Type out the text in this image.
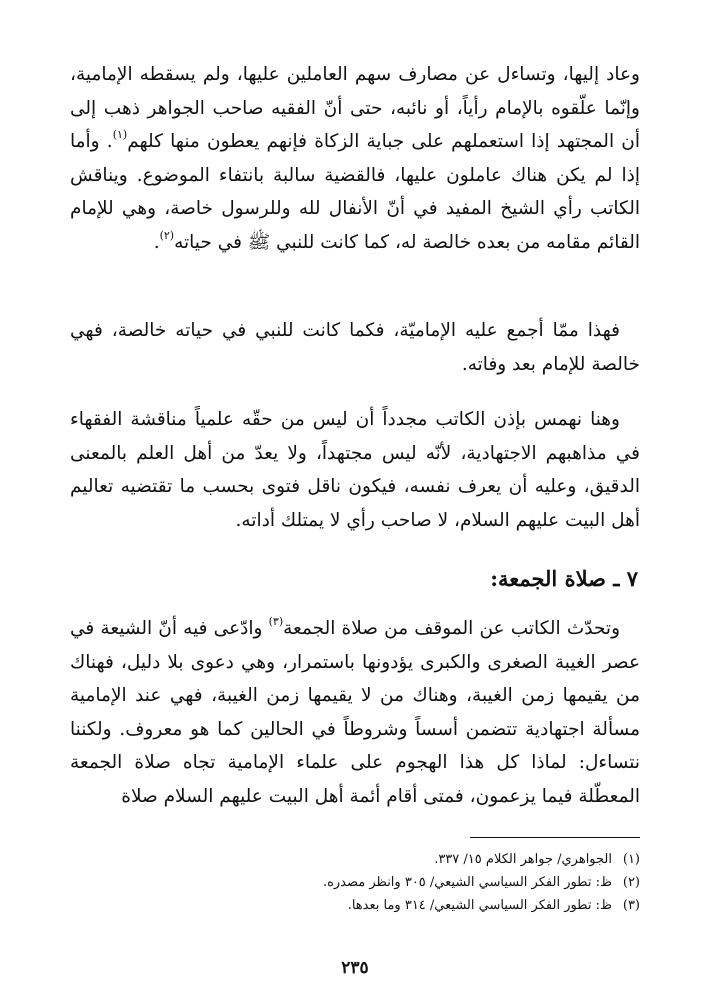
وعاد إليها، وتساءل عن مصارف سهم العاملين عليها، ولم يسقطه الإمامية، وإنّما علّقوه بالإمام رأياً، أو نائبه، حتى أنّ الفقيه صاحب الجواهر ذهب إلى أن المجتهد إذا استعملهم على جباية الزكاة فإنهم يعطون منها كلهم$^{(١)}$. وأما إذا لم يكن هناك عاملون عليها، فالقضية سالبة بانتفاء الموضوع. ويناقش الكاتب رأي الشيخ المفيد في أنّ الأنفال لله وللرسول خاصة، وهي للإمام القائم مقامه من بعده خالصة له، كما كانت للنبي ﷺ في حياته$^{(٢)}$.
فهذا ممّا أجمع عليه الإماميّة، فكما كانت للنبي في حياته خالصة، فهي خالصة للإمام بعد وفاته.
وهنا نهمس بإذن الكاتب مجدداً أن ليس من حقّه علمياً مناقشة الفقهاء في مذاهبهم الاجتهادية، لأنّه ليس مجتهداً، ولا يعدّ من أهل العلم بالمعنى الدقيق، وعليه أن يعرف نفسه، فيكون ناقل فتوى بحسب ما تقتضيه تعاليم أهل البيت عليهم السلام، لا صاحب رأي لا يمتلك أداته.
٧ ـ صلاة الجمعة:
وتحدّث الكاتب عن الموقف من صلاة الجمعة$^{(٣)}$ وادّعى فيه أنّ الشيعة في عصر الغيبة الصغرى والكبرى يؤدونها باستمرار، وهي دعوى بلا دليل، فهناك من يقيمها زمن الغيبة، وهناك من لا يقيمها زمن الغيبة، فهي عند الإمامية مسألة اجتهادية تتضمن أسساً وشروطاً في الحالين كما هو معروف. ولكننا نتساءل: لماذا كل هذا الهجوم على علماء الإمامية تجاه صلاة الجمعة المعطّلة فيما يزعمون، فمتى أقام أئمة أهل البيت عليهم السلام صلاة
(١)الجواهري/ جواهر الكلام ١٥/ ٣٣٧.
(٢)ظ: تطور الفكر السياسي الشيعي/ ٣٠٥ وانظر مصدره.
(٣)ظ: تطور الفكر السياسي الشيعي/ ٣١٤ وما بعدها.
٢٣٥
